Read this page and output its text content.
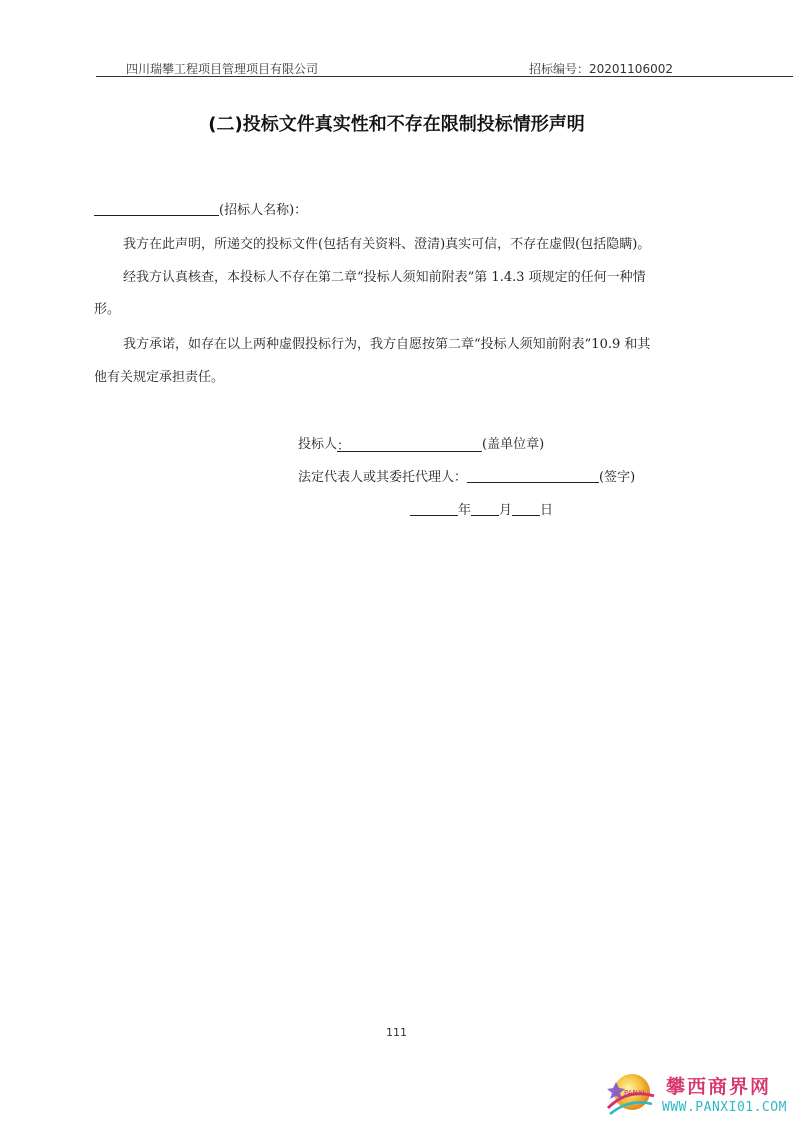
四川瑞攀工程项目管理项目有限公司	招标编号：20201106002
(二)投标文件真实性和不存在限制投标情形声明
(招标人名称)：
我方在此声明，所递交的投标文件(包括有关资料、澄清)真实可信，不存在虚假(包括隐瞒)。
经我方认真核查，本投标人不存在第二章“投标人须知前附表”第 1.4.3 项规定的任何一种情
形。
我方承诺，如存在以上两种虚假投标行为，我方自愿按第二章“投标人须知前附表”10.9 和其
他有关规定承担责任。
投标人：	(盖单位章)
法定代表人或其委托代理人：	(签字)
年 月 日
111
PANXI 攀西商界网
WWW.PANXI01.COM
